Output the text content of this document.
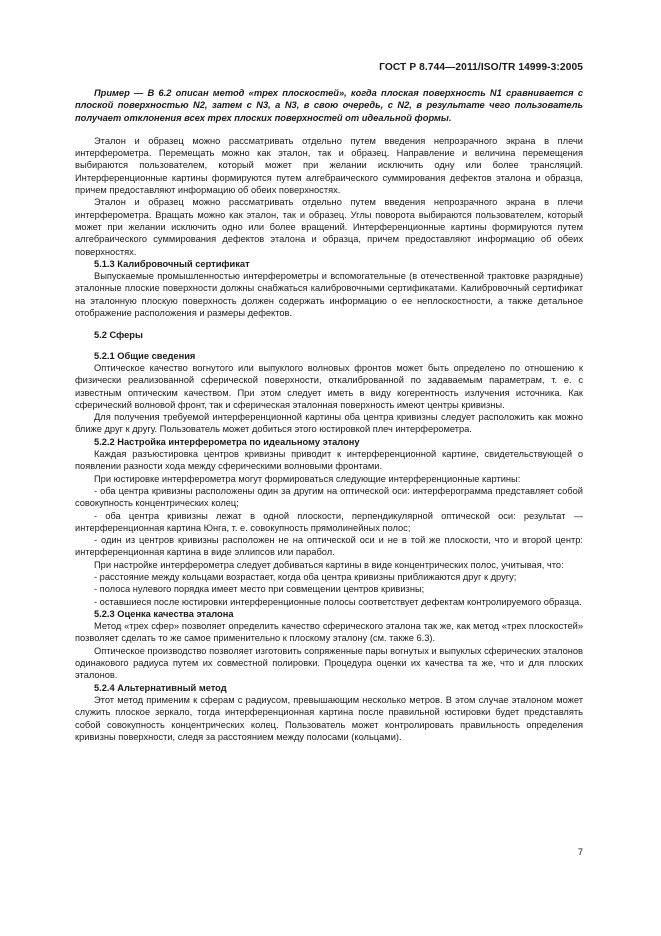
ГОСТ Р 8.744—2011/ISO/TR 14999-3:2005

Пример — В 6.2 описан метод «трех плоскостей», когда плоская поверхность N1 сравнивается с плоской поверхностью N2, затем с N3, а N3, в свою очередь, с N2, в результате чего пользователь получает отклонения всех трех плоских поверхностей от идеальной формы.

Эталон и образец можно рассматривать отдельно путем введения непрозрачного экрана в плечи интерферометра. Перемещать можно как эталон, так и образец. Направление и величина перемещения выбираются пользователем, который может при желании исключить одну или более трансляций. Интерференционные картины формируются путем алгебраического суммирования дефектов эталона и образца, причем предоставляют информацию об обеих поверхностях.

Эталон и образец можно рассматривать отдельно путем введения непрозрачного экрана в плечи интерферометра. Вращать можно как эталон, так и образец. Углы поворота выбираются пользователем, который может при желании исключить одно или более вращений. Интерференционные картины формируются путем алгебраического суммирования дефектов эталона и образца, причем предоставляют информацию об обеих поверхностях.

5.1.3 Калибровочный сертификат

Выпускаемые промышленностью интерферометры и вспомогательные (в отечественной трактовке разрядные) эталонные плоские поверхности должны снабжаться калибровочными сертификатами. Калибровочный сертификат на эталонную плоскую поверхность должен содержать информацию о ее неплоскостности, а также детальное отображение расположения и размеры дефектов.

5.2 Сферы

5.2.1 Общие сведения

Оптическое качество вогнутого или выпуклого волновых фронтов может быть определено по отношению к физически реализованной сферической поверхности, откалиброванной по задаваемым параметрам, т. е. с известным оптическим качеством. При этом следует иметь в виду когерентность излучения источника. Как сферический волновой фронт, так и сферическая эталонная поверхность имеют центры кривизны.

Для получения требуемой интерференционной картины оба центра кривизны следует расположить как можно ближе друг к другу. Пользователь может добиться этого юстировкой плеч интерферометра.

5.2.2 Настройка интерферометра по идеальному эталону

Каждая разъюстировка центров кривизны приводит к интерференционной картине, свидетельствующей о появлении разности хода между сферическими волновыми фронтами.

При юстировке интерферометра могут формироваться следующие интерференционные картины:

- оба центра кривизны расположены один за другим на оптической оси: интерферограмма представляет собой совокупность концентрических колец;

- оба центра кривизны лежат в одной плоскости, перпендикулярной оптической оси: результат — интерференционная картина Юнга, т. е. совокупность прямолинейных полос;

- один из центров кривизны расположен не на оптической оси и не в той же плоскости, что и второй центр: интерференционная картина в виде эллипсов или парабол.

При настройке интерферометра следует добиваться картины в виде концентрических полос, учитывая, что:

- расстояние между кольцами возрастает, когда оба центра кривизны приближаются друг к другу;

- полоса нулевого порядка имеет место при совмещении центров кривизны;

- оставшиеся после юстировки интерференционные полосы соответствует дефектам контролируемого образца.

5.2.3 Оценка качества эталона

Метод «трех сфер» позволяет определить качество сферического эталона так же, как метод «трех плоскостей» позволяет сделать то же самое применительно к плоскому эталону (см. также 6.3).

Оптическое производство позволяет изготовить сопряженные пары вогнутых и выпуклых сферических эталонов одинакового радиуса путем их совместной полировки. Процедура оценки их качества та же, что и для плоских эталонов.

5.2.4 Альтернативный метод

Этот метод применим к сферам с радиусом, превышающим несколько метров. В этом случае эталоном может служить плоское зеркало, тогда интерференционная картина после правильной юстировки будет представлять собой совокупность концентрических колец. Пользователь может контролировать правильность определения кривизны поверхности, следя за расстоянием между полосами (кольцами).

7
